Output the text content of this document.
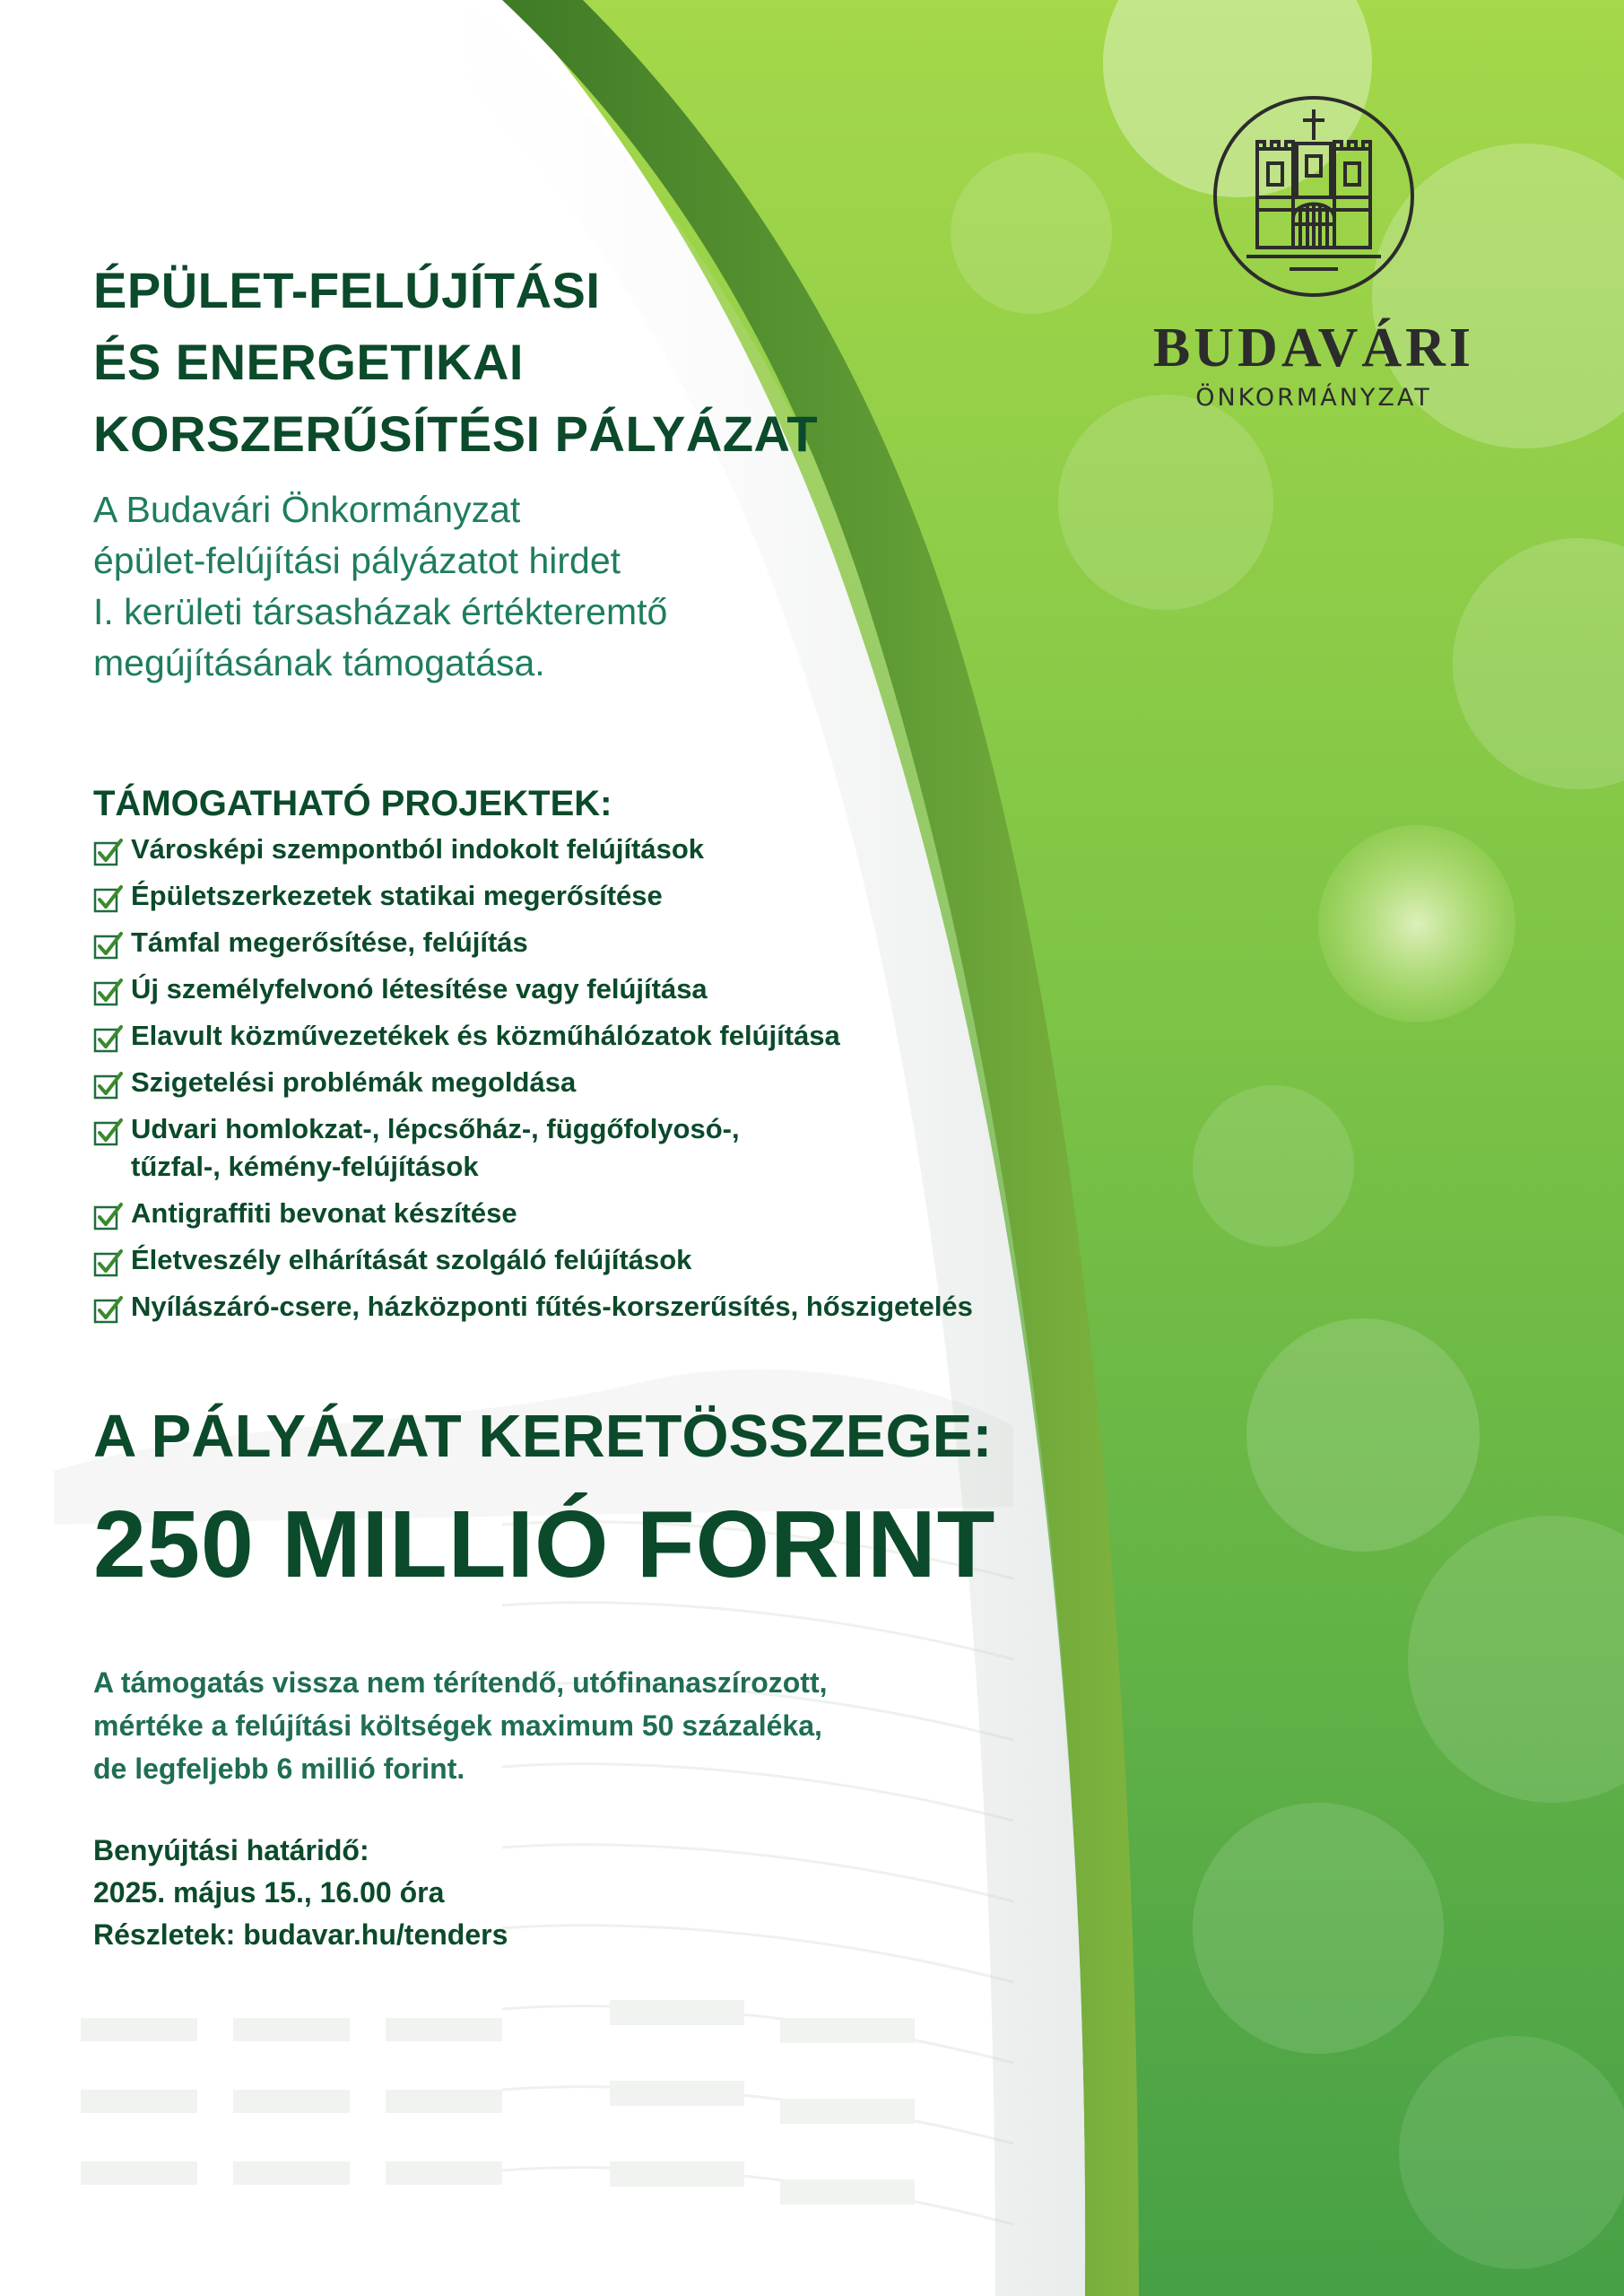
ÉPÜLET-FELÚJÍTÁSI
ÉS ENERGETIKAI
KORSZERŰSÍTÉSI PÁLYÁZAT

A Budavári Önkormányzat
épület-felújítási pályázatot hirdet
I. kerületi társasházak értékteremtő
megújításának támogatása.

TÁMOGATHATÓ PROJEKTEK:
Városképi szempontból indokolt felújítások
Épületszerkezetek statikai megerősítése
Támfal megerősítése, felújítás
Új személyfelvonó létesítése vagy felújítása
Elavult közművezetékek és közműhálózatok felújítása
Szigetelési problémák megoldása
Udvari homlokzat-, lépcsőház-, függőfolyosó-,
tűzfal-, kémény-felújítások
Antigraffiti bevonat készítése
Életveszély elhárítását szolgáló felújítások
Nyílászáró-csere, házközponti fűtés-korszerűsítés, hőszigetelés
A PÁLYÁZAT KERETÖSSZEGE:
250 MILLIÓ FORINT

A támogatás vissza nem térítendő, utófinanaszírozott,
mértéke a felújítási költségek maximum 50 százaléka,
de legfeljebb 6 millió forint.

Benyújtási határidő:
2025. május 15., 16.00 óra
Részletek: budavar.hu/tenders

BUDAVÁRI
ÖNKORMÁNYZAT
